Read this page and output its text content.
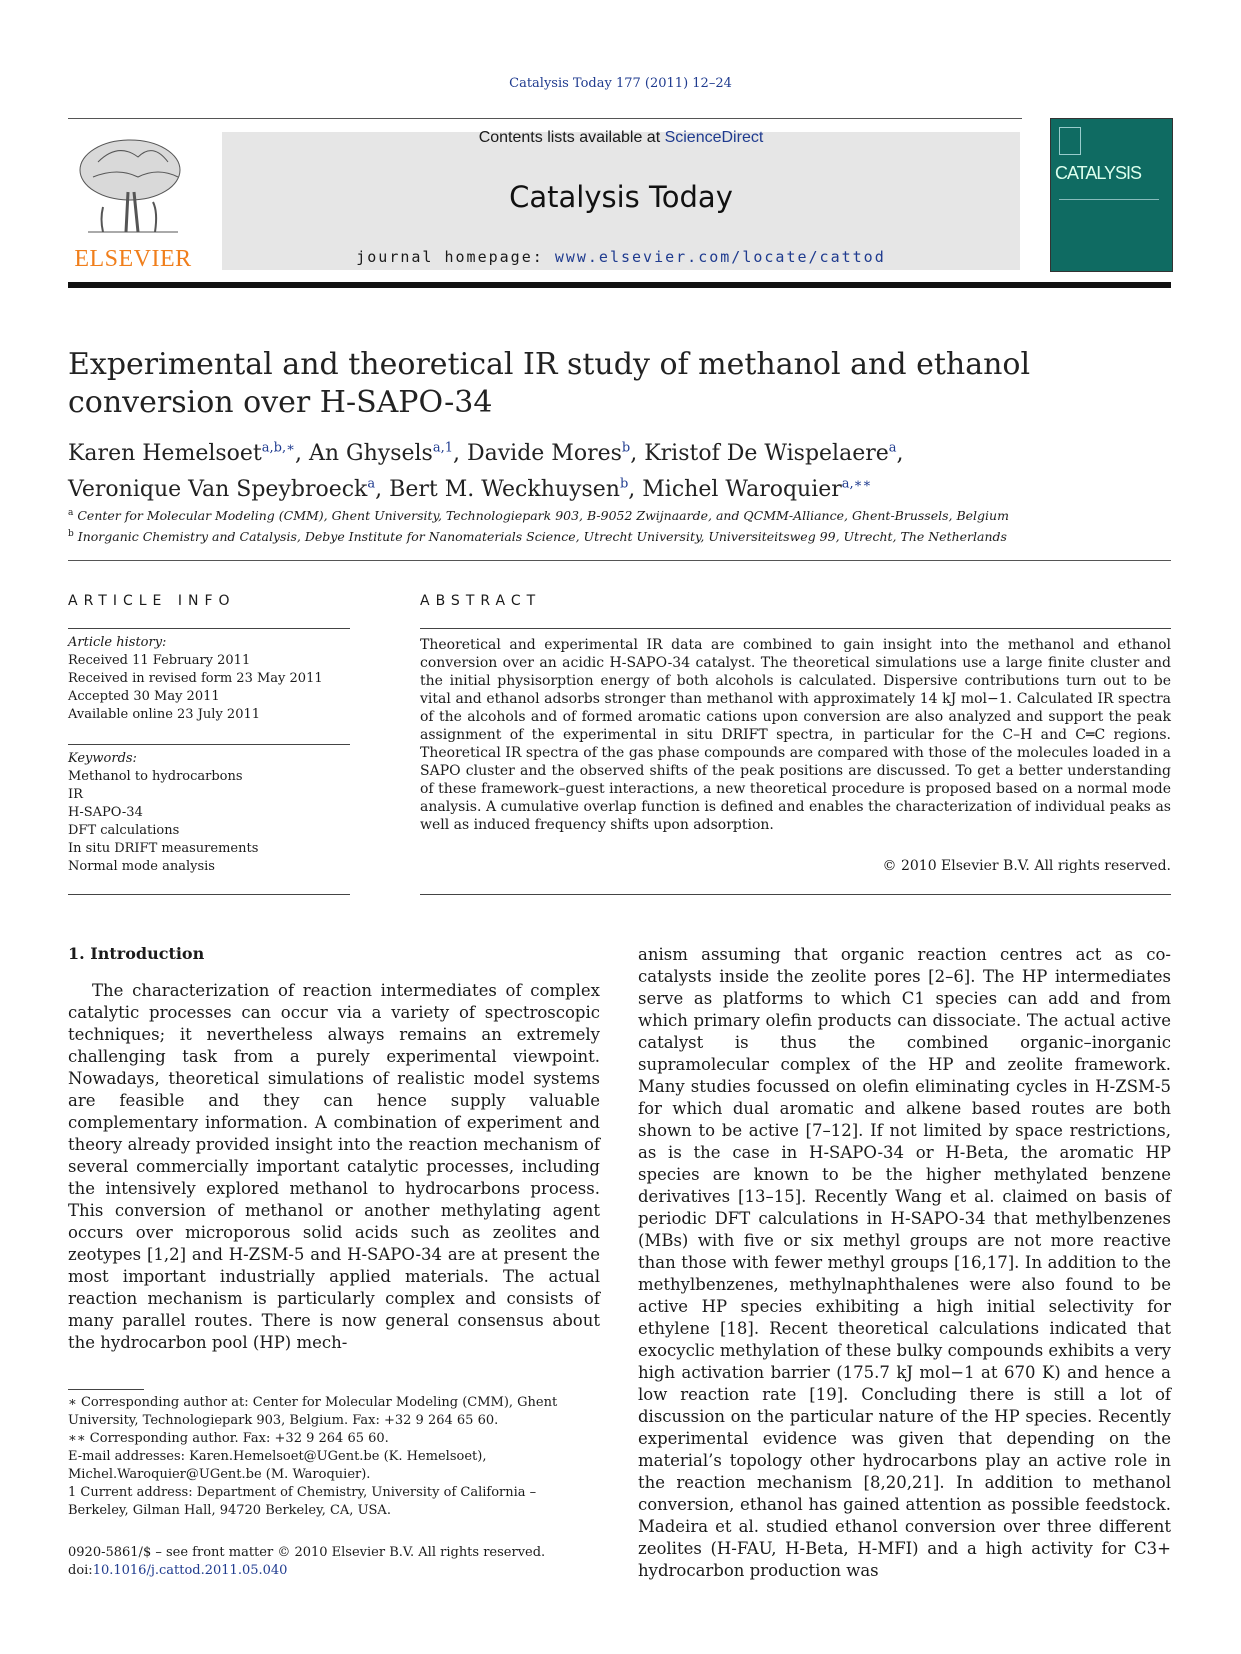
Catalysis Today 177 (2011) 12–24
ELSEVIER
Contents lists available at ScienceDirect
Catalysis Today
journal homepage: www.elsevier.com/locate/cattod
CATALYSIS
Experimental and theoretical IR study of methanol and ethanol conversion over H-SAPO-34
Karen Hemelsoet$^{a,b,∗}$, An Ghysels$^{a,1}$, Davide Mores$^b$, Kristof De Wispelaere$^a$,
Veronique Van Speybroeck$^a$, Bert M. Weckhuysen$^b$, Michel Waroquier$^{a,∗∗}$
$^a$ Center for Molecular Modeling (CMM), Ghent University, Technologiepark 903, B-9052 Zwijnaarde, and QCMM-Alliance, Ghent-Brussels, Belgium
$^b$ Inorganic Chemistry and Catalysis, Debye Institute for Nanomaterials Science, Utrecht University, Universiteitsweg 99, Utrecht, The Netherlands
ARTICLE INFO
Article history:
Received 11 February 2011
Received in revised form 23 May 2011
Accepted 30 May 2011
Available online 23 July 2011
Keywords:
Methanol to hydrocarbons
IR
H-SAPO-34
DFT calculations
In situ DRIFT measurements
Normal mode analysis
ABSTRACT
Theoretical and experimental IR data are combined to gain insight into the methanol and ethanol conversion over an acidic H-SAPO-34 catalyst. The theoretical simulations use a large finite cluster and the initial physisorption energy of both alcohols is calculated. Dispersive contributions turn out to be vital and ethanol adsorbs stronger than methanol with approximately 14 kJ mol−1. Calculated IR spectra of the alcohols and of formed aromatic cations upon conversion are also analyzed and support the peak assignment of the experimental in situ DRIFT spectra, in particular for the C–H and C═C regions. Theoretical IR spectra of the gas phase compounds are compared with those of the molecules loaded in a SAPO cluster and the observed shifts of the peak positions are discussed. To get a better understanding of these framework–guest interactions, a new theoretical procedure is proposed based on a normal mode analysis. A cumulative overlap function is defined and enables the characterization of individual peaks as well as induced frequency shifts upon adsorption.
© 2010 Elsevier B.V. All rights reserved.
1. Introduction
The characterization of reaction intermediates of complex catalytic processes can occur via a variety of spectroscopic techniques; it nevertheless always remains an extremely challenging task from a purely experimental viewpoint. Nowadays, theoretical simulations of realistic model systems are feasible and they can hence supply valuable complementary information. A combination of experiment and theory already provided insight into the reaction mechanism of several commercially important catalytic processes, including the intensively explored methanol to hydrocarbons process. This conversion of methanol or another methylating agent occurs over microporous solid acids such as zeolites and zeotypes [1,2] and H-ZSM-5 and H-SAPO-34 are at present the most important industrially applied materials. The actual reaction mechanism is particularly complex and consists of many parallel routes. There is now general consensus about the hydrocarbon pool (HP) mech-
anism assuming that organic reaction centres act as co-catalysts inside the zeolite pores [2–6]. The HP intermediates serve as platforms to which C1 species can add and from which primary olefin products can dissociate. The actual active catalyst is thus the combined organic–inorganic supramolecular complex of the HP and zeolite framework. Many studies focussed on olefin eliminating cycles in H-ZSM-5 for which dual aromatic and alkene based routes are both shown to be active [7–12]. If not limited by space restrictions, as is the case in H-SAPO-34 or H-Beta, the aromatic HP species are known to be the higher methylated benzene derivatives [13–15]. Recently Wang et al. claimed on basis of periodic DFT calculations in H-SAPO-34 that methylbenzenes (MBs) with five or six methyl groups are not more reactive than those with fewer methyl groups [16,17]. In addition to the methylbenzenes, methylnaphthalenes were also found to be active HP species exhibiting a high initial selectivity for ethylene [18]. Recent theoretical calculations indicated that exocyclic methylation of these bulky compounds exhibits a very high activation barrier (175.7 kJ mol−1 at 670 K) and hence a low reaction rate [19]. Concluding there is still a lot of discussion on the particular nature of the HP species. Recently experimental evidence was given that depending on the material’s topology other hydrocarbons play an active role in the reaction mechanism [8,20,21]. In addition to methanol conversion, ethanol has gained attention as possible feedstock. Madeira et al. studied ethanol conversion over three different zeolites (H-FAU, H-Beta, H-MFI) and a high activity for C3+ hydrocarbon production was

∗ Corresponding author at: Center for Molecular Modeling (CMM), Ghent University, Technologiepark 903, Belgium. Fax: +32 9 264 65 60.

∗∗ Corresponding author. Fax: +32 9 264 65 60.

E-mail addresses: Karen.Hemelsoet@UGent.be (K. Hemelsoet), Michel.Waroquier@UGent.be (M. Waroquier).

1 Current address: Department of Chemistry, University of California – Berkeley, Gilman Hall, 94720 Berkeley, CA, USA.

0920-5861/$ – see front matter © 2010 Elsevier B.V. All rights reserved.
doi:10.1016/j.cattod.2011.05.040
